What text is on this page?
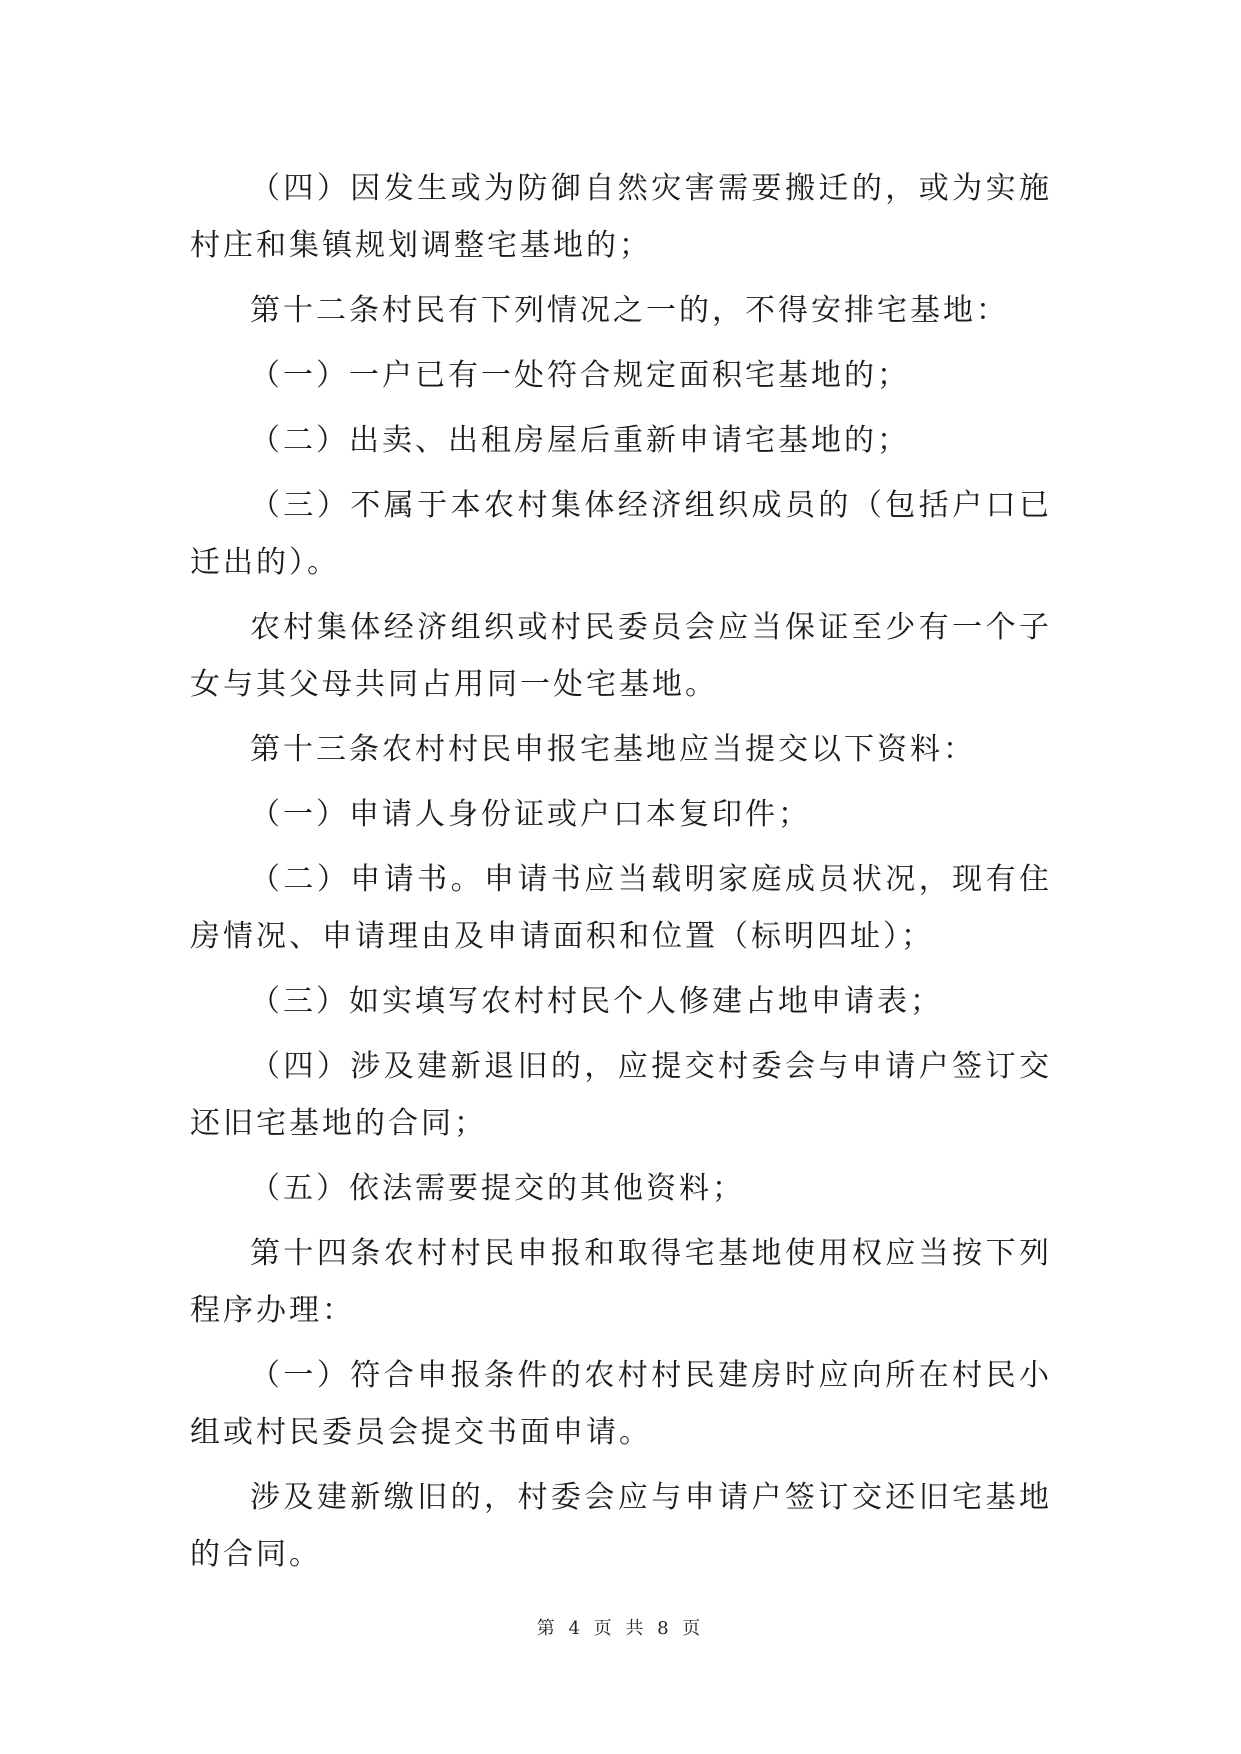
（四）因发生或为防御自然灾害需要搬迁的，或为实施村庄和集镇规划调整宅基地的；

第十二条村民有下列情况之一的，不得安排宅基地：

（一）一户已有一处符合规定面积宅基地的；

（二）出卖、出租房屋后重新申请宅基地的；

（三）不属于本农村集体经济组织成员的（包括户口已迁出的）。

农村集体经济组织或村民委员会应当保证至少有一个子女与其父母共同占用同一处宅基地。

第十三条农村村民申报宅基地应当提交以下资料：

（一）申请人身份证或户口本复印件；

（二）申请书。申请书应当载明家庭成员状况，现有住房情况、申请理由及申请面积和位置（标明四址）；

（三）如实填写农村村民个人修建占地申请表；

（四）涉及建新退旧的，应提交村委会与申请户签订交还旧宅基地的合同；

（五）依法需要提交的其他资料；

第十四条农村村民申报和取得宅基地使用权应当按下列程序办理：

（一）符合申报条件的农村村民建房时应向所在村民小组或村民委员会提交书面申请。

涉及建新缴旧的，村委会应与申请户签订交还旧宅基地的合同。

第 4 页 共 8 页
